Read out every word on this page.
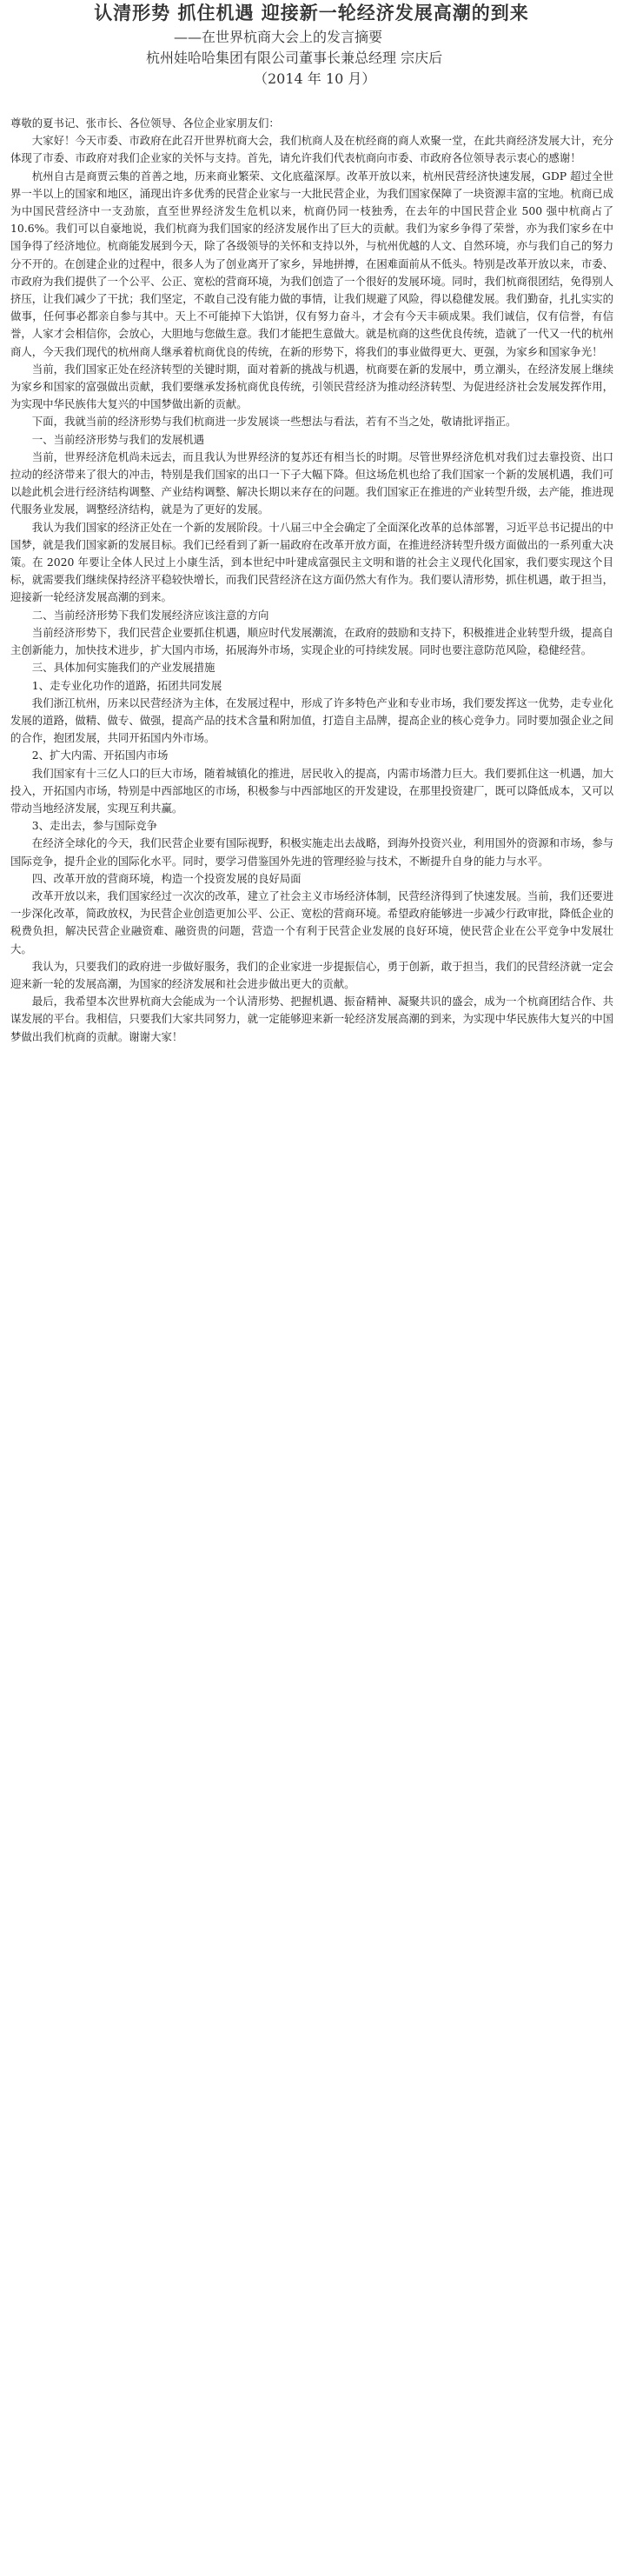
认清形势 抓住机遇 迎接新一轮经济发展高潮的到来
——在世界杭商大会上的发言摘要
杭州娃哈哈集团有限公司董事长兼总经理 宗庆后
（2014 年 10 月）

尊敬的夏书记、张市长、各位领导、各位企业家朋友们：

大家好！今天市委、市政府在此召开世界杭商大会，我们杭商人及在杭经商的商人欢聚一堂，在此共商经济发展大计，充分体现了市委、市政府对我们企业家的关怀与支持。首先，请允许我们代表杭商向市委、市政府各位领导表示衷心的感谢！

杭州自古是商贾云集的首善之地，历来商业繁荣、文化底蕴深厚。改革开放以来，杭州民营经济快速发展，GDP 超过全世界一半以上的国家和地区，涌现出许多优秀的民营企业家与一大批民营企业，为我们国家保障了一块资源丰富的宝地。杭商已成为中国民营经济中一支劲旅，直至世界经济发生危机以来，杭商仍同一枝独秀，在去年的中国民营企业 500 强中杭商占了 10.6%。我们可以自豪地说，我们杭商为我们国家的经济发展作出了巨大的贡献。我们为家乡争得了荣誉，亦为我们家乡在中国争得了经济地位。杭商能发展到今天，除了各级领导的关怀和支持以外，与杭州优越的人文、自然环境，亦与我们自己的努力分不开的。在创建企业的过程中，很多人为了创业离开了家乡，异地拼搏，在困难面前从不低头。特别是改革开放以来，市委、市政府为我们提供了一个公平、公正、宽松的营商环境，为我们创造了一个很好的发展环境。同时，我们杭商很团结，免得别人挤压，让我们减少了干扰；我们坚定，不敢自己没有能力做的事情，让我们规避了风险，得以稳健发展。我们勤奋，扎扎实实的做事，任何事必都亲自参与其中。天上不可能掉下大馅饼，仅有努力奋斗，才会有今天丰硕成果。我们诚信，仅有信誉，有信誉，人家才会相信你，会放心，大胆地与您做生意。我们才能把生意做大。就是杭商的这些优良传统，造就了一代又一代的杭州商人，今天我们现代的杭州商人继承着杭商优良的传统，在新的形势下，将我们的事业做得更大、更强，为家乡和国家争光！

当前，我们国家正处在经济转型的关键时期，面对着新的挑战与机遇，杭商要在新的发展中，勇立潮头，在经济发展上继续为家乡和国家的富强做出贡献，我们要继承发扬杭商优良传统，引领民营经济为推动经济转型、为促进经济社会发展发挥作用，为实现中华民族伟大复兴的中国梦做出新的贡献。

下面，我就当前的经济形势与我们杭商进一步发展谈一些想法与看法，若有不当之处，敬请批评指正。

一、当前经济形势与我们的发展机遇

当前，世界经济危机尚未远去，而且我认为世界经济的复苏还有相当长的时期。尽管世界经济危机对我们过去靠投资、出口拉动的经济带来了很大的冲击，特别是我们国家的出口一下子大幅下降。但这场危机也给了我们国家一个新的发展机遇，我们可以趁此机会进行经济结构调整、产业结构调整、解决长期以来存在的问题。我们国家正在推进的产业转型升级，去产能，推进现代服务业发展，调整经济结构，就是为了更好的发展。

我认为我们国家的经济正处在一个新的发展阶段。十八届三中全会确定了全面深化改革的总体部署，习近平总书记提出的中国梦，就是我们国家新的发展目标。我们已经看到了新一届政府在改革开放方面，在推进经济转型升级方面做出的一系列重大决策。在 2020 年要让全体人民过上小康生活，到本世纪中叶建成富强民主文明和谐的社会主义现代化国家，我们要实现这个目标，就需要我们继续保持经济平稳较快增长，而我们民营经济在这方面仍然大有作为。我们要认清形势，抓住机遇，敢于担当，迎接新一轮经济发展高潮的到来。

二、当前经济形势下我们发展经济应该注意的方向

当前经济形势下，我们民营企业要抓住机遇，顺应时代发展潮流，在政府的鼓励和支持下，积极推进企业转型升级，提高自主创新能力，加快技术进步，扩大国内市场，拓展海外市场，实现企业的可持续发展。同时也要注意防范风险，稳健经营。

三、具体加何实施我们的产业发展措施

1、走专业化功作的道路，拓团共同发展

我们浙江杭州，历来以民营经济为主体，在发展过程中，形成了许多特色产业和专业市场，我们要发挥这一优势，走专业化发展的道路，做精、做专、做强，提高产品的技术含量和附加值，打造自主品牌，提高企业的核心竞争力。同时要加强企业之间的合作，抱团发展，共同开拓国内外市场。

2、扩大内需、开拓国内市场

我们国家有十三亿人口的巨大市场，随着城镇化的推进，居民收入的提高，内需市场潜力巨大。我们要抓住这一机遇，加大投入，开拓国内市场，特别是中西部地区的市场，积极参与中西部地区的开发建设，在那里投资建厂，既可以降低成本，又可以带动当地经济发展，实现互利共赢。

3、走出去，参与国际竞争

在经济全球化的今天，我们民营企业要有国际视野，积极实施走出去战略，到海外投资兴业，利用国外的资源和市场，参与国际竞争，提升企业的国际化水平。同时，要学习借鉴国外先进的管理经验与技术，不断提升自身的能力与水平。

四、改革开放的营商环境，构造一个投资发展的良好局面

改革开放以来，我们国家经过一次次的改革，建立了社会主义市场经济体制，民营经济得到了快速发展。当前，我们还要进一步深化改革，简政放权，为民营企业创造更加公平、公正、宽松的营商环境。希望政府能够进一步减少行政审批，降低企业的税费负担，解决民营企业融资难、融资贵的问题，营造一个有利于民营企业发展的良好环境，使民营企业在公平竞争中发展壮大。

我认为，只要我们的政府进一步做好服务，我们的企业家进一步提振信心，勇于创新，敢于担当，我们的民营经济就一定会迎来新一轮的发展高潮，为国家的经济发展和社会进步做出更大的贡献。

最后，我希望本次世界杭商大会能成为一个认清形势、把握机遇、振奋精神、凝聚共识的盛会，成为一个杭商团结合作、共谋发展的平台。我相信，只要我们大家共同努力，就一定能够迎来新一轮经济发展高潮的到来，为实现中华民族伟大复兴的中国梦做出我们杭商的贡献。谢谢大家！
